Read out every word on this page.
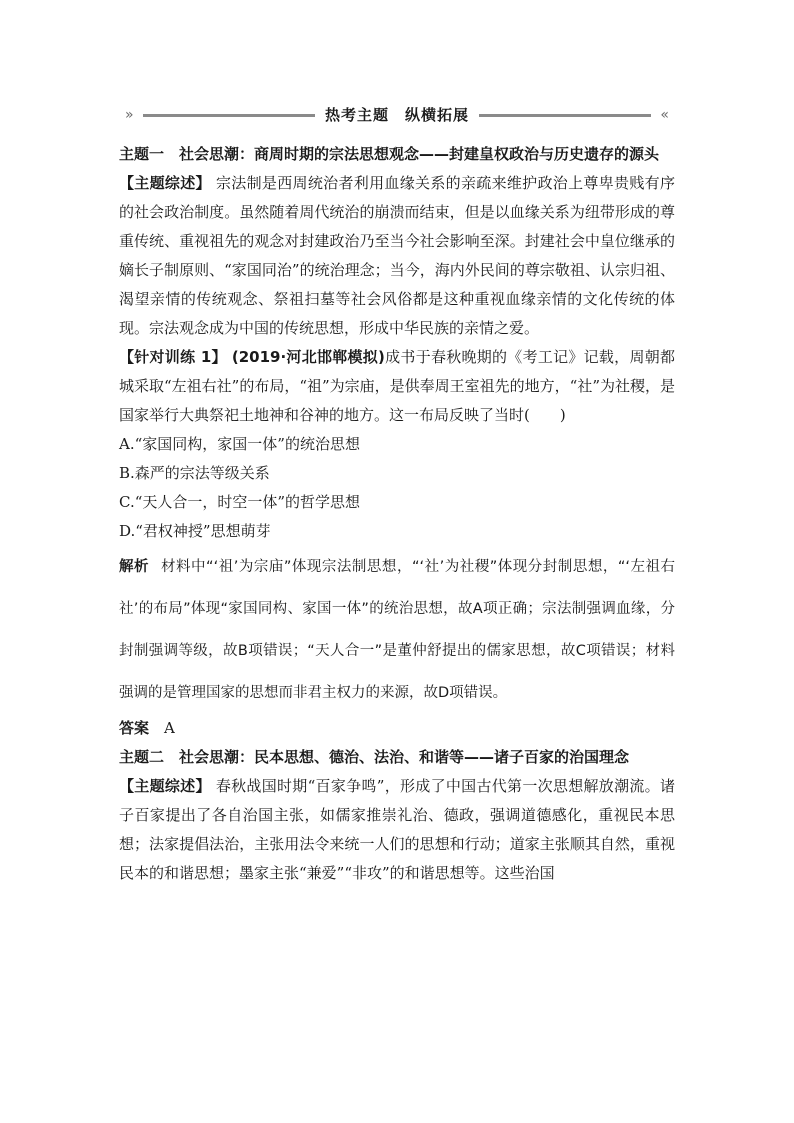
»	«
热考主题　纵横拓展

主题一　社会思潮：商周时期的宗法思想观念——封建皇权政治与历史遗存的源头

【主题综述】 宗法制是西周统治者利用血缘关系的亲疏来维护政治上尊卑贵贱有序的社会政治制度。虽然随着周代统治的崩溃而结束，但是以血缘关系为纽带形成的尊重传统、重视祖先的观念对封建政治乃至当今社会影响至深。封建社会中皇位继承的嫡长子制原则、“家国同治”的统治理念；当今，海内外民间的尊宗敬祖、认宗归祖、渴望亲情的传统观念、祭祖扫墓等社会风俗都是这种重视血缘亲情的文化传统的体现。宗法观念成为中国的传统思想，形成中华民族的亲情之爱。

【针对训练 1】 (2019·河北邯郸模拟)成书于春秋晚期的《考工记》记载，周朝都城采取“左祖右社”的布局，“祖”为宗庙，是供奉周王室祖先的地方，“社”为社稷，是国家举行大典祭祀土地神和谷神的地方。这一布局反映了当时(　　)

A.“家国同构，家国一体”的统治思想

B.森严的宗法等级关系

C.“天人合一，时空一体”的哲学思想

D.“君权神授”思想萌芽

解析 材料中“‘祖’为宗庙”体现宗法制思想，“‘社’为社稷”体现分封制思想，“‘左祖右社’的布局”体现“家国同构、家国一体”的统治思想，故A项正确；宗法制强调血缘，分封制强调等级，故B项错误；“天人合一”是董仲舒提出的儒家思想，故C项错误；材料强调的是管理国家的思想而非君主权力的来源，故D项错误。

答案　 A

主题二　社会思潮：民本思想、德治、法治、和谐等——诸子百家的治国理念

【主题综述】 春秋战国时期“百家争鸣”，形成了中国古代第一次思想解放潮流。诸子百家提出了各自治国主张，如儒家推崇礼治、德政，强调道德感化，重视民本思想；法家提倡法治，主张用法令来统一人们的思想和行动；道家主张顺其自然，重视民本的和谐思想；墨家主张“兼爱”“非攻”的和谐思想等。这些治国
